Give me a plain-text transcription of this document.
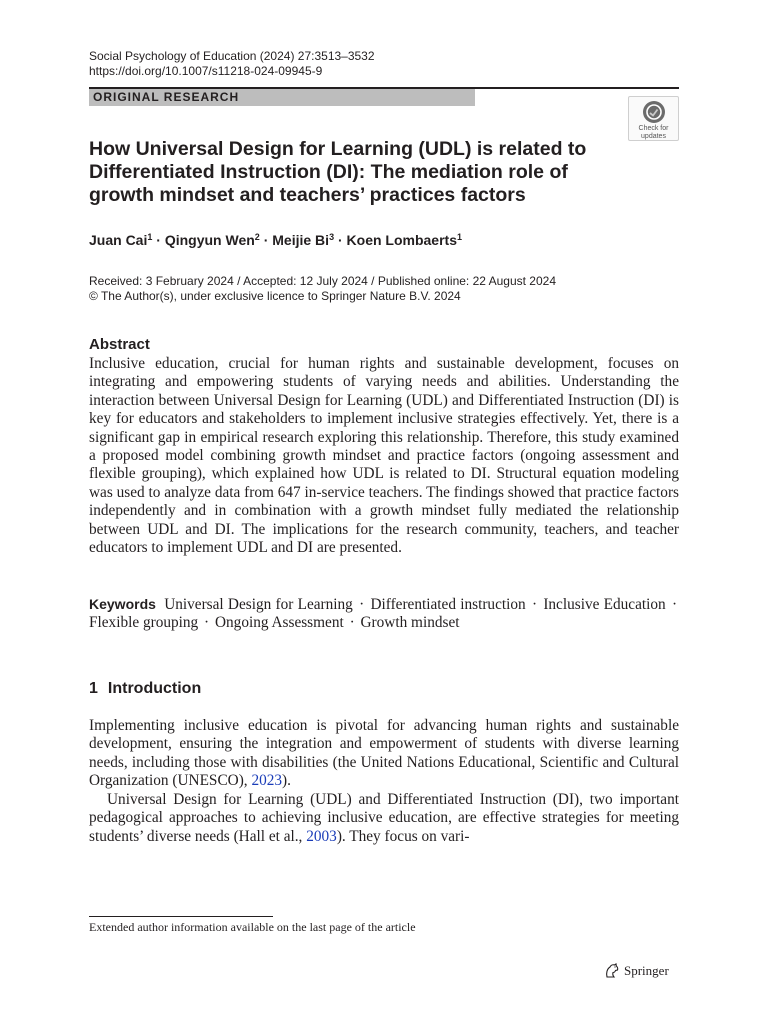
Social Psychology of Education (2024) 27:3513–3532
https://doi.org/10.1007/s11218-024-09945-9
ORIGINAL RESEARCH
Check for updates
How Universal Design for Learning (UDL) is related to Differentiated Instruction (DI): The mediation role of growth mindset and teachers’ practices factors
Juan Cai$^1$ · Qingyun Wen$^2$ · Meijie $Bi^3$ · Koen Lombaerts$^1$
Received: 3 February 2024 / Accepted: 12 July 2024 / Published online: 22 August 2024
© The Author(s), under exclusive licence to Springer Nature B.V. 2024
Abstract

Inclusive education, crucial for human rights and sustainable development, focuses on integrating and empowering students of varying needs and abilities. Understanding the interaction between Universal Design for Learning (UDL) and Differentiated Instruction (DI) is key for educators and stakeholders to implement inclusive strategies effectively. Yet, there is a significant gap in empirical research exploring this relationship. Therefore, this study examined a proposed model combining growth mindset and practice factors (ongoing assessment and flexible grouping), which explained how UDL is related to DI. Structural equation modeling was used to analyze data from 647 in-service teachers. The findings showed that practice factors independently and in combination with a growth mindset fully mediated the relationship between UDL and DI. The implications for the research community, teachers, and teacher educators to implement UDL and DI are presented.

Keywords Universal Design for Learning · Differentiated instruction · Inclusive Education · Flexible grouping · Ongoing Assessment · Growth mindset

1 Introduction

Implementing inclusive education is pivotal for advancing human rights and sustainable development, ensuring the integration and empowerment of students with diverse learning needs, including those with disabilities (the United Nations Educational, Scientific and Cultural Organization (UNESCO), 2023).

Universal Design for Learning (UDL) and Differentiated Instruction (DI), two important pedagogical approaches to achieving inclusive education, are effective strategies for meeting students’ diverse needs (Hall et al., 2003). They focus on vari-

Extended author information available on the last page of the article
Springer
